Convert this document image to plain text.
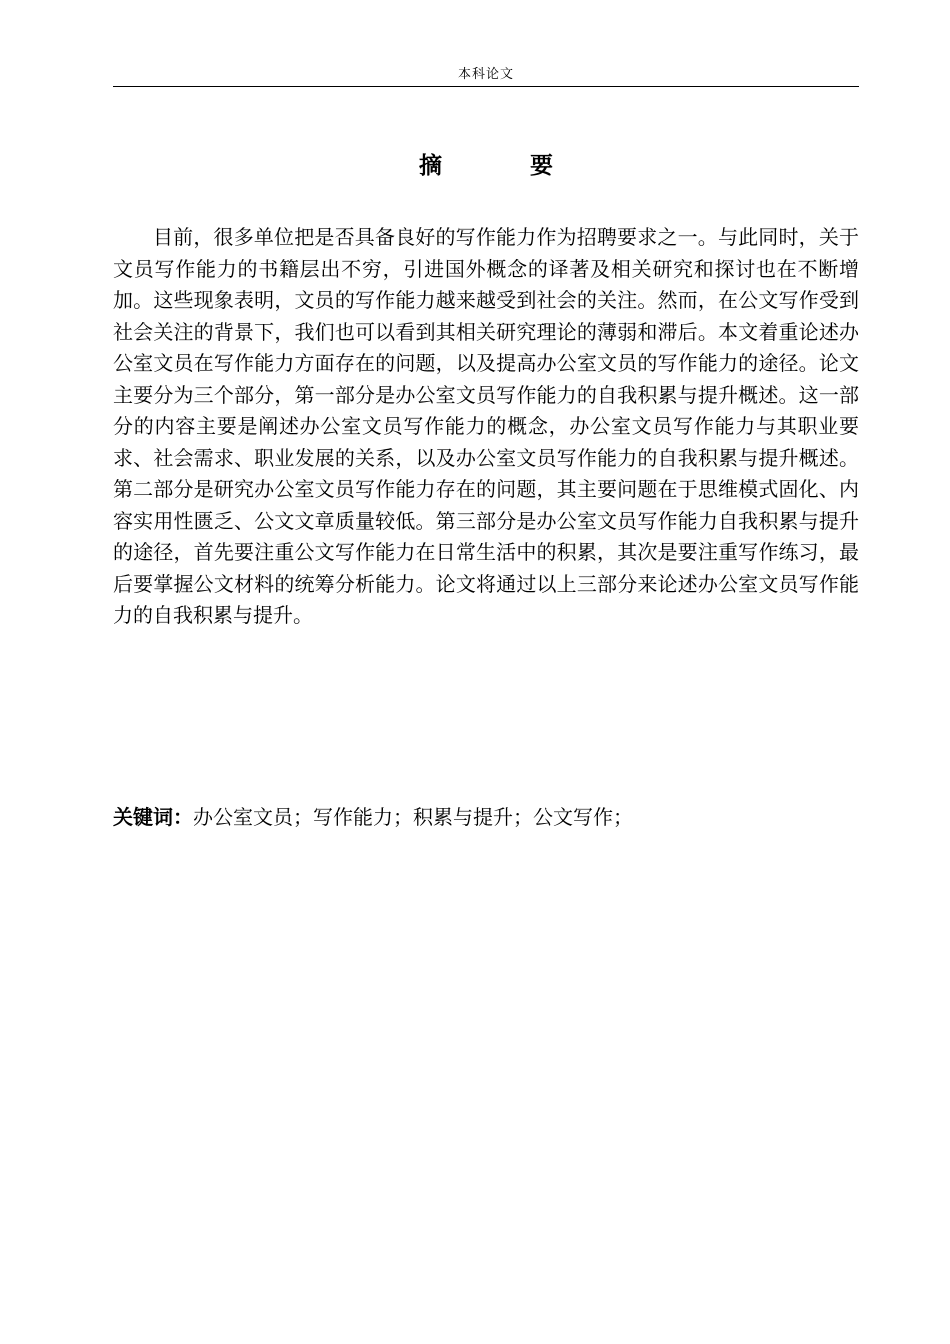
本科论文
摘 要

目前，很多单位把是否具备良好的写作能力作为招聘要求之一。与此同时，关于文员写作能力的书籍层出不穷，引进国外概念的译著及相关研究和探讨也在不断增加。这些现象表明，文员的写作能力越来越受到社会的关注。然而，在公文写作受到社会关注的背景下，我们也可以看到其相关研究理论的薄弱和滞后。本文着重论述办公室文员在写作能力方面存在的问题，以及提高办公室文员的写作能力的途径。论文主要分为三个部分，第一部分是办公室文员写作能力的自我积累与提升概述。这一部分的内容主要是阐述办公室文员写作能力的概念，办公室文员写作能力与其职业要求、社会需求、职业发展的关系，以及办公室文员写作能力的自我积累与提升概述。第二部分是研究办公室文员写作能力存在的问题，其主要问题在于思维模式固化、内容实用性匮乏、公文文章质量较低。第三部分是办公室文员写作能力自我积累与提升的途径，首先要注重公文写作能力在日常生活中的积累，其次是要注重写作练习，最后要掌握公文材料的统筹分析能力。论文将通过以上三部分来论述办公室文员写作能力的自我积累与提升。

关键词：办公室文员；写作能力；积累与提升；公文写作；
